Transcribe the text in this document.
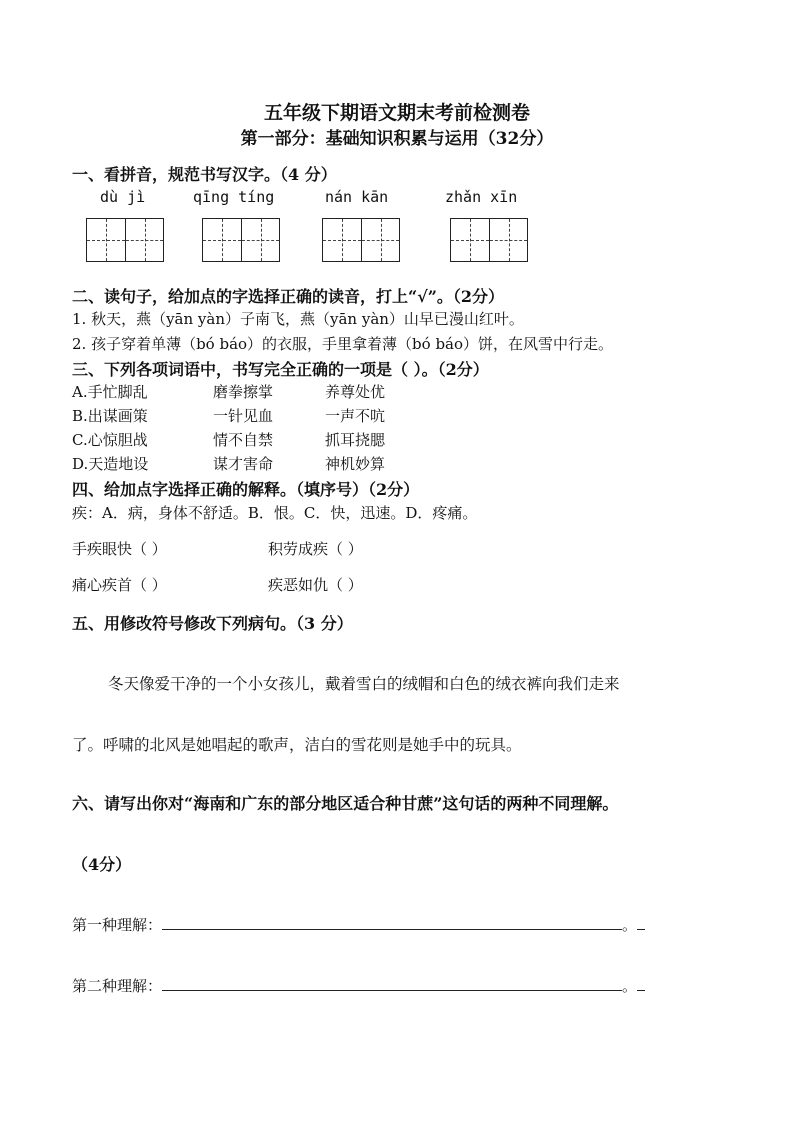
五年级下期语文期末考前检测卷
第一部分：基础知识积累与运用（32分）
一、看拼音，规范书写汉字。（4 分）
dù jì	qīng tíng	nán kān	zhǎn xīn
二、读句子，给加点的字选择正确的读音，打上“√”。（2分）
1. 秋天，燕（yān yàn）子南飞，燕（yān yàn）山早已漫山红叶。
2. 孩子穿着单薄（bó báo）的衣服，手里拿着薄（bó báo）饼，在风雪中行走。
三、下列各项词语中，书写完全正确的一项是（ ）。（2分）
A.手忙脚乱	磨拳擦掌	养尊处优
B.出谋画策	一针见血	一声不吭
C.心惊胆战	情不自禁	抓耳挠腮
D.天造地设	谋才害命	神机妙算
四、给加点字选择正确的解释。（填序号）（2分）
疾：A．病，身体不舒适。B．恨。C．快，迅速。D．疼痛。
手疾眼快（ ）	积劳成疾（ ）
痛心疾首（ ）	疾恶如仇（ ）
五、用修改符号修改下列病句。（3 分）
冬天像爱干净的一个小女孩儿，戴着雪白的绒帽和白色的绒衣裤向我们走来
了。呼啸的北风是她唱起的歌声，洁白的雪花则是她手中的玩具。
六、请写出你对“海南和广东的部分地区适合种甘蔗”这句话的两种不同理解。
（4分）
第一种理解：	。
第二种理解：	。
